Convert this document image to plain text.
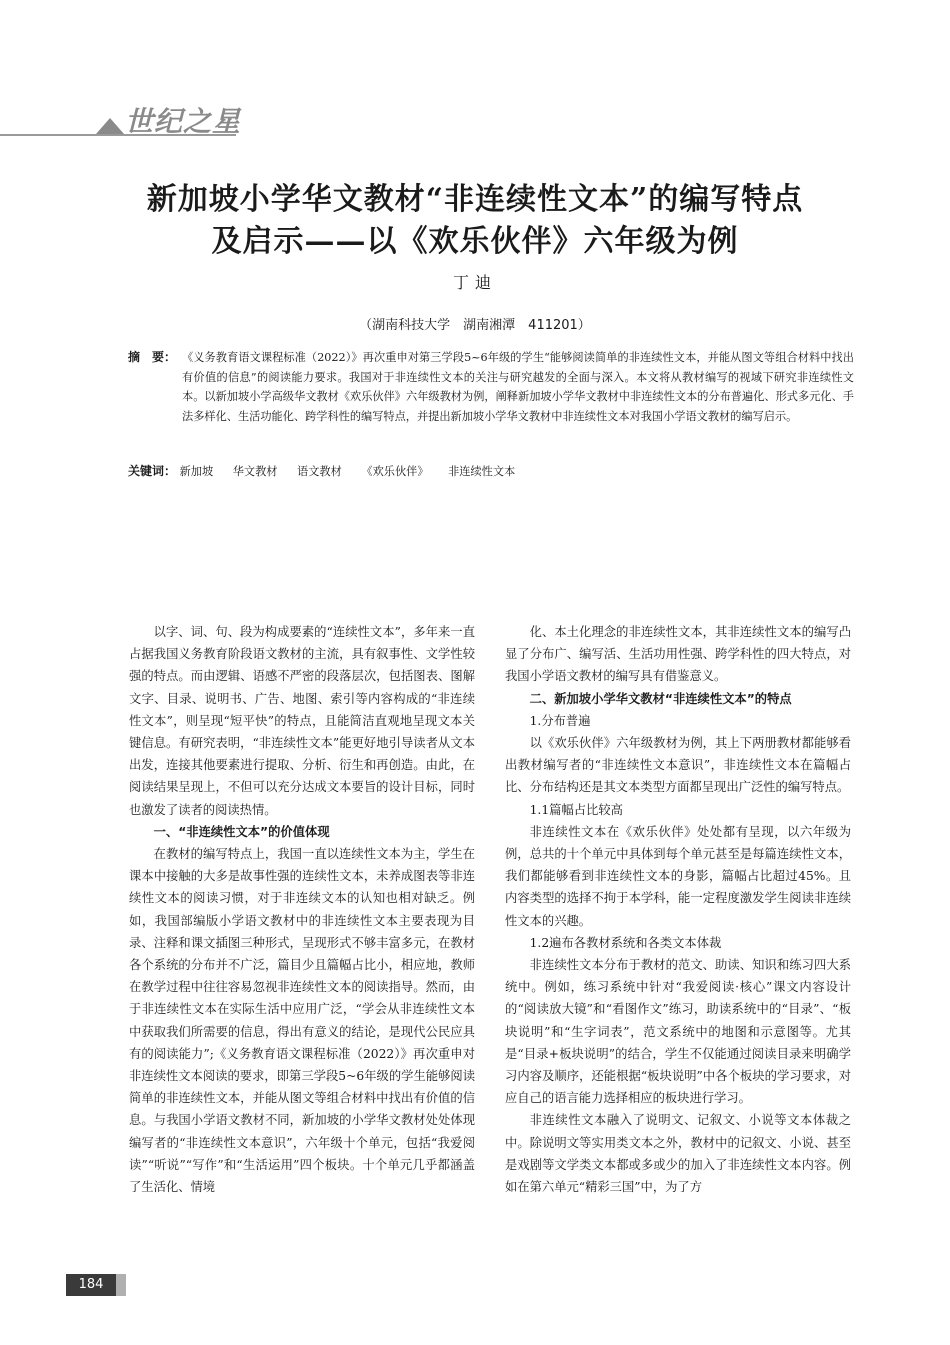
世纪之星
新加坡小学华文教材“非连续性文本”的编写特点
及启示——以《欢乐伙伴》六年级为例
丁迪
（湖南科技大学　湖南湘潭　411201）
摘　要： 《义务教育语文课程标准（2022）》再次重申对第三学段5~6年级的学生“能够阅读简单的非连续性文本，并能从图文等组合材料中找出有价值的信息”的阅读能力要求。我国对于非连续性文本的关注与研究越发的全面与深入。本文将从教材编写的视域下研究非连续性文本。以新加坡小学高级华文教材《欢乐伙伴》六年级教材为例，阐释新加坡小学华文教材中非连续性文本的分布普遍化、形式多元化、手法多样化、生活功能化、跨学科性的编写特点，并提出新加坡小学华文教材中非连续性文本对我国小学语文教材的编写启示。
关键词： 新加坡 华文教材 语文教材 《欢乐伙伴》 非连续性文本

以字、词、句、段为构成要素的“连续性文本”，多年来一直占据我国义务教育阶段语文教材的主流，具有叙事性、文学性较强的特点。而由逻辑、语感不严密的段落层次，包括图表、图解文字、目录、说明书、广告、地图、索引等内容构成的“非连续性文本”，则呈现“短平快”的特点，且能简洁直观地呈现文本关键信息。有研究表明，“非连续性文本”能更好地引导读者从文本出发，连接其他要素进行提取、分析、衍生和再创造。由此，在阅读结果呈现上，不但可以充分达成文本要旨的设计目标，同时也激发了读者的阅读热情。

一、“非连续性文本”的价值体现

在教材的编写特点上，我国一直以连续性文本为主，学生在课本中接触的大多是故事性强的连续性文本，未养成图表等非连续性文本的阅读习惯，对于非连续文本的认知也相对缺乏。例如，我国部编版小学语文教材中的非连续性文本主要表现为目录、注释和课文插图三种形式，呈现形式不够丰富多元，在教材各个系统的分布并不广泛，篇目少且篇幅占比小，相应地，教师在教学过程中往往容易忽视非连续性文本的阅读指导。然而，由于非连续性文本在实际生活中应用广泛，“学会从非连续性文本中获取我们所需要的信息，得出有意义的结论，是现代公民应具有的阅读能力”;《义务教育语文课程标准（2022）》再次重申对非连续性文本阅读的要求，即第三学段5~6年级的学生能够阅读简单的非连续性文本，并能从图文等组合材料中找出有价值的信息。与我国小学语文教材不同，新加坡的小学华文教材处处体现编写者的“非连续性文本意识”，六年级十个单元，包括“我爱阅读”“听说”“写作”和“生活运用”四个板块。十个单元几乎都涵盖了生活化、情境

化、本土化理念的非连续性文本，其非连续性文本的编写凸显了分布广、编写活、生活功用性强、跨学科性的四大特点，对我国小学语文教材的编写具有借鉴意义。

二、新加坡小学华文教材“非连续性文本”的特点
1.分布普遍

以《欢乐伙伴》六年级教材为例，其上下两册教材都能够看出教材编写者的“非连续性文本意识”，非连续性文本在篇幅占比、分布结构还是其文本类型方面都呈现出广泛性的编写特点。

1.1篇幅占比较高

非连续性文本在《欢乐伙伴》处处都有呈现，以六年级为例，总共的十个单元中具体到每个单元甚至是每篇连续性文本，我们都能够看到非连续性文本的身影，篇幅占比超过45%。且内容类型的选择不拘于本学科，能一定程度激发学生阅读非连续性文本的兴趣。

1.2遍布各教材系统和各类文本体裁

非连续性文本分布于教材的范文、助读、知识和练习四大系统中。例如，练习系统中针对“我爱阅读·核心”课文内容设计的“阅读放大镜”和“看图作文”练习，助读系统中的“目录”、“板块说明”和“生字词表”，范文系统中的地图和示意图等。尤其是“目录+板块说明”的结合，学生不仅能通过阅读目录来明确学习内容及顺序，还能根据“板块说明”中各个板块的学习要求，对应自己的语言能力选择相应的板块进行学习。

非连续性文本融入了说明文、记叙文、小说等文本体裁之中。除说明文等实用类文本之外，教材中的记叙文、小说、甚至是戏剧等文学类文本都或多或少的加入了非连续性文本内容。例如在第六单元“精彩三国”中，为了方

184
